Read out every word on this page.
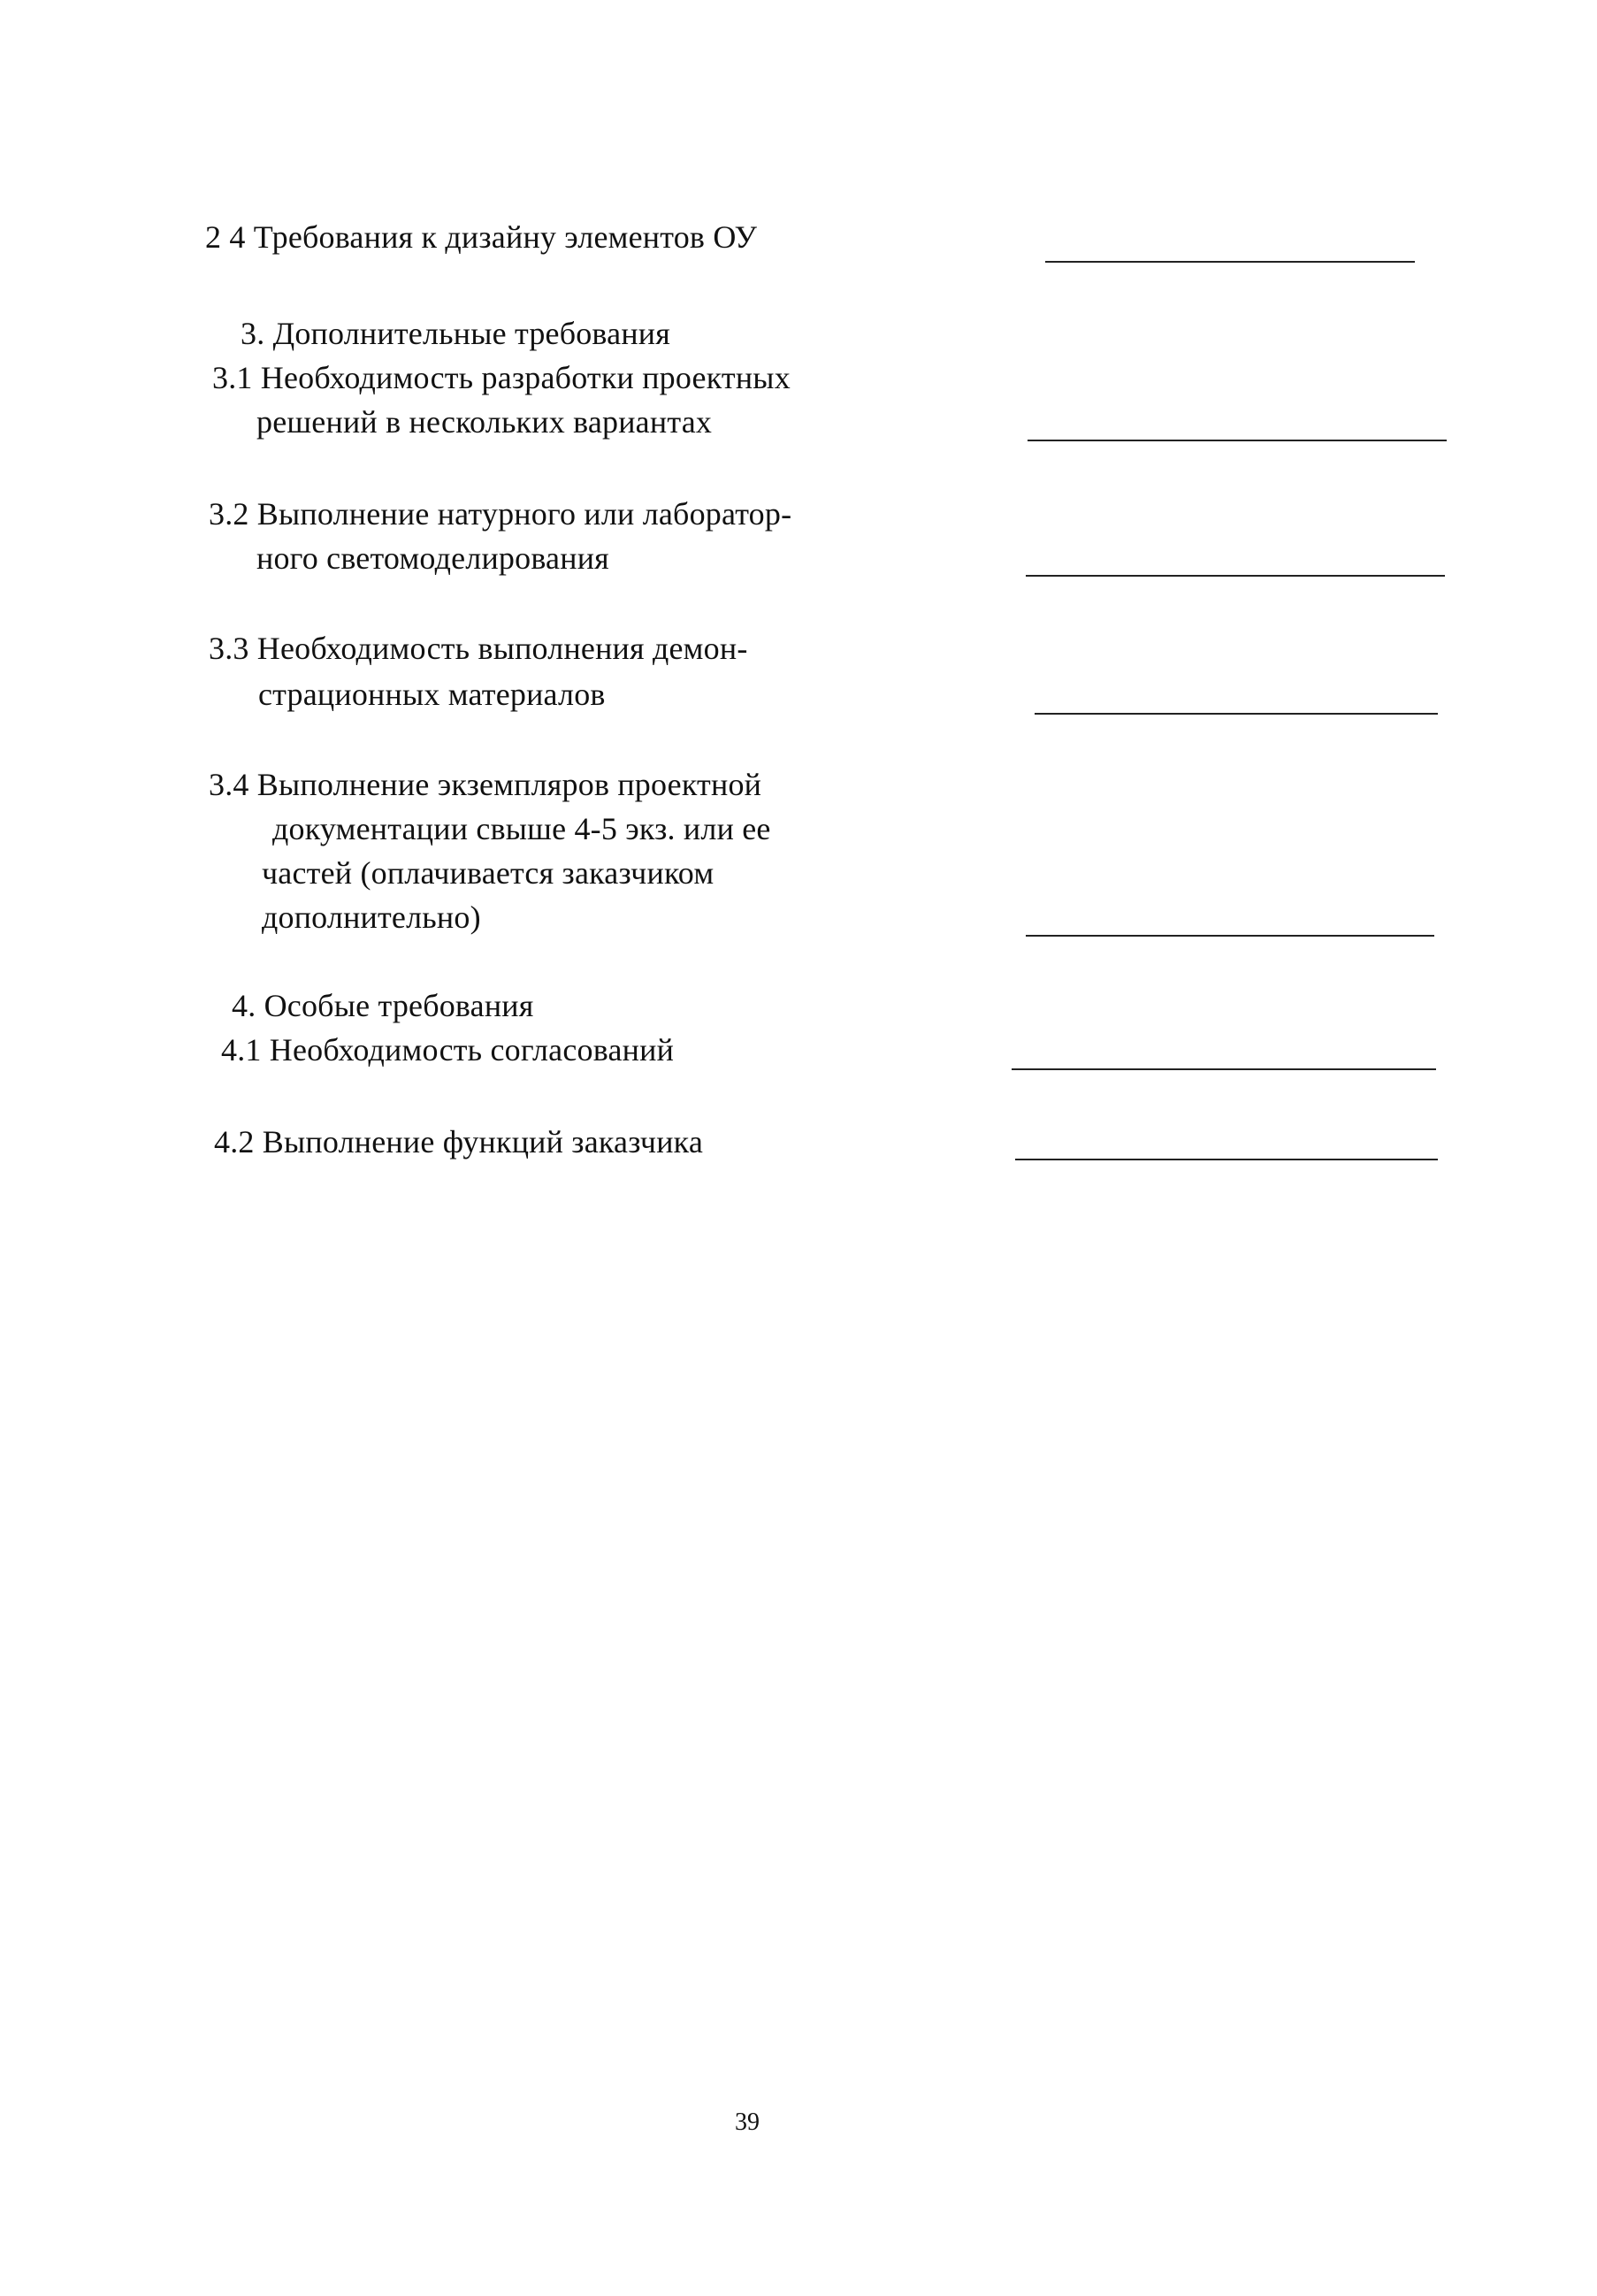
2 4 Требования к дизайну элементов ОУ
3. Дополнительные требования
3.1 Необходимость разработки проектных
решений в нескольких вариантах
3.2 Выполнение натурного или лаборатор-
ного светомоделирования
3.3 Необходимость выполнения демон-
страционных материалов
3.4 Выполнение экземпляров проектной
документации свыше 4-5 экз. или ее
частей (оплачивается заказчиком
дополнительно)
4. Особые требования
4.1 Необходимость согласований
4.2 Выполнение функций заказчика
39
